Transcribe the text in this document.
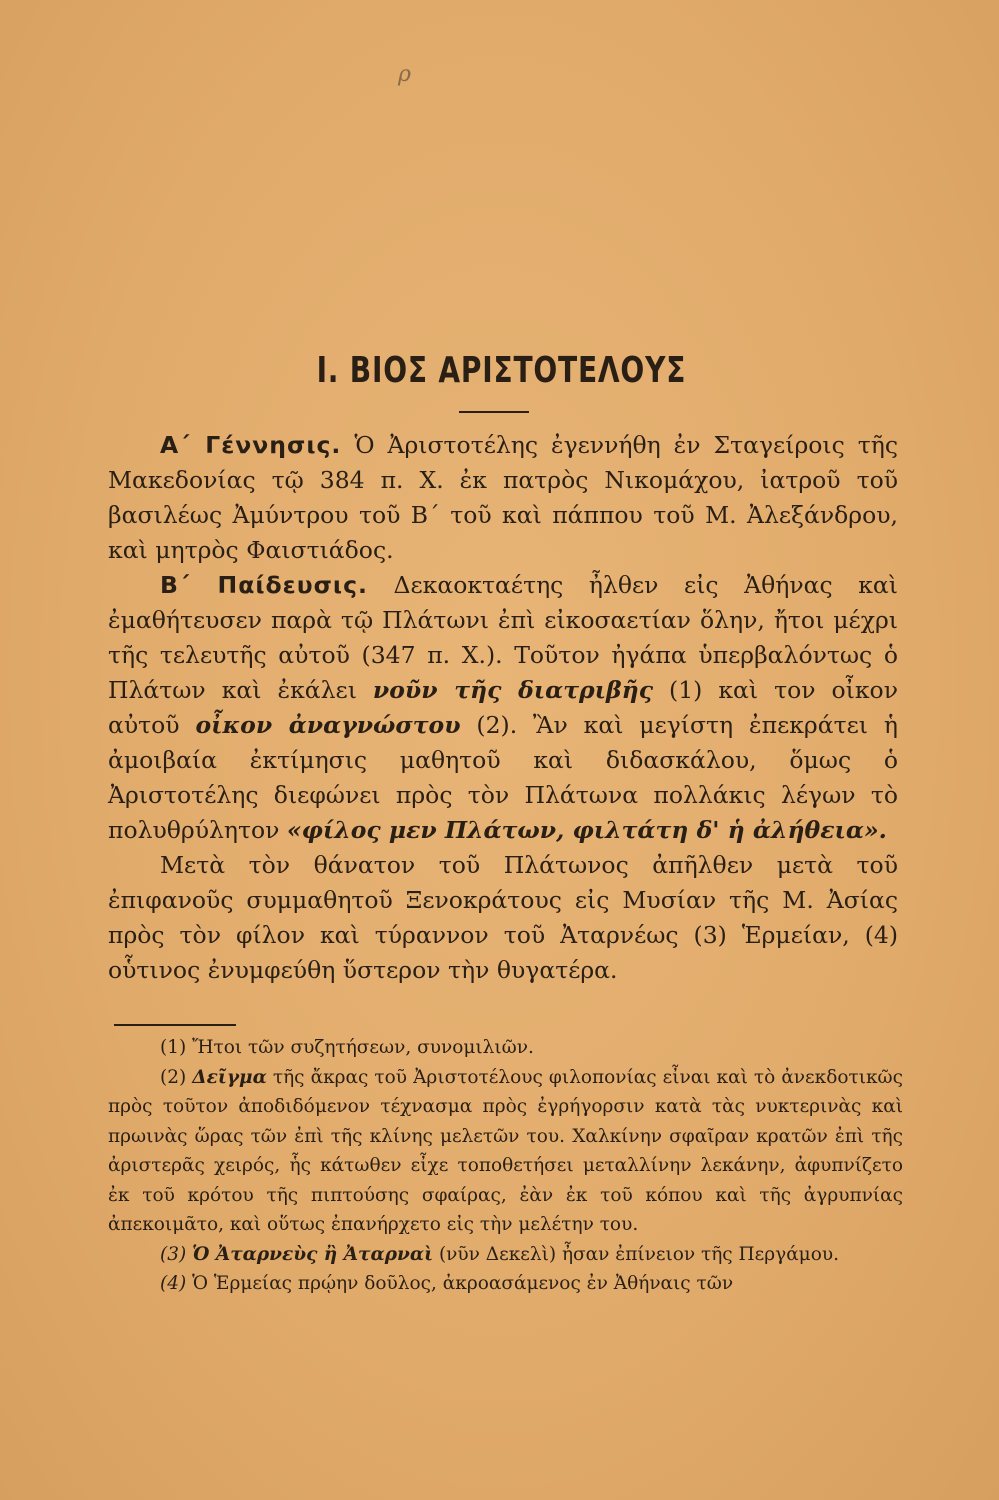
ρ
Ι. ΒΙΟΣ ΑΡΙΣΤΟΤΕΛΟΥΣ

Α΄ Γέννησις. Ὁ Ἀριστοτέλης ἐγεννήθη ἐν Σταγείροις τῆς Μακεδονίας τῷ 384 π. Χ. ἐκ πατρὸς Νικομάχου, ἰατροῦ τοῦ βασιλέως Ἀμύντρου τοῦ Β΄ τοῦ καὶ πάππου τοῦ Μ. Ἀλεξάνδρου, καὶ μητρὸς Φαιστιάδος.

Β΄ Παίδευσις. Δεκαοκταέτης ἦλθεν εἰς Ἀθήνας καὶ ἐμαθήτευσεν παρὰ τῷ Πλάτωνι ἐπὶ εἰκοσαετίαν ὅλην, ἤτοι μέχρι τῆς τελευτῆς αὐτοῦ (347 π. Χ.). Τοῦτον ἠγάπα ὑπερβαλόντως ὁ Πλάτων καὶ ἐκάλει νοῦν τῆς διατριβῆς (1) καὶ τον οἶκον αὐτοῦ οἶκον ἀναγνώστου (2). Ἂν καὶ μεγίστη ἐπεκράτει ἡ ἀμοιβαία ἐκτίμησις μαθητοῦ καὶ διδασκάλου, ὅμως ὁ Ἀριστοτέλης διεφώνει πρὸς τὸν Πλάτωνα πολλάκις λέγων τὸ πολυθρύλητον «φίλος μεν Πλάτων, φιλτάτη δ' ἡ ἀλήθεια».

Μετὰ τὸν θάνατον τοῦ Πλάτωνος ἀπῆλθεν μετὰ τοῦ ἐπιφανοῦς συμμαθητοῦ Ξενοκράτους εἰς Μυσίαν τῆς Μ. Ἀσίας πρὸς τὸν φίλον καὶ τύραννον τοῦ Ἀταρνέως (3) Ἑρμείαν, (4) οὗτινος ἐνυμφεύθη ὕστερον τὴν θυγατέρα.

(1) Ἤτοι τῶν συζητήσεων, συνομιλιῶν.

(2) Δεῖγμα τῆς ἄκρας τοῦ Ἀριστοτέλους φιλοπονίας εἶναι καὶ τὸ ἀνεκδοτικῶς πρὸς τοῦτον ἀποδιδόμενον τέχνασμα πρὸς ἐγρήγορσιν κατὰ τὰς νυκτερινὰς καὶ πρωινὰς ὥρας τῶν ἐπὶ τῆς κλίνης μελετῶν του. Χαλκίνην σφαῖραν κρατῶν ἐπὶ τῆς ἀριστερᾶς χειρός, ἧς κάτωθεν εἶχε τοποθετήσει μεταλλίνην λεκάνην, ἀφυπνίζετο ἐκ τοῦ κρότου τῆς πιπτούσης σφαίρας, ἐὰν ἐκ τοῦ κόπου καὶ τῆς ἀγρυπνίας ἀπεκοιμᾶτο, καὶ οὕτως ἐπανήρχετο εἰς τὴν μελέτην του.

(3) Ὁ Ἀταρνεὺς ἢ Ἀταρναὶ (νῦν Δεκελὶ) ἦσαν ἐπίνειον τῆς Περγάμου.

(4) Ὁ Ἑρμείας πρῴην δοῦλος, ἀκροασάμενος ἐν Ἀθήναις τῶν
